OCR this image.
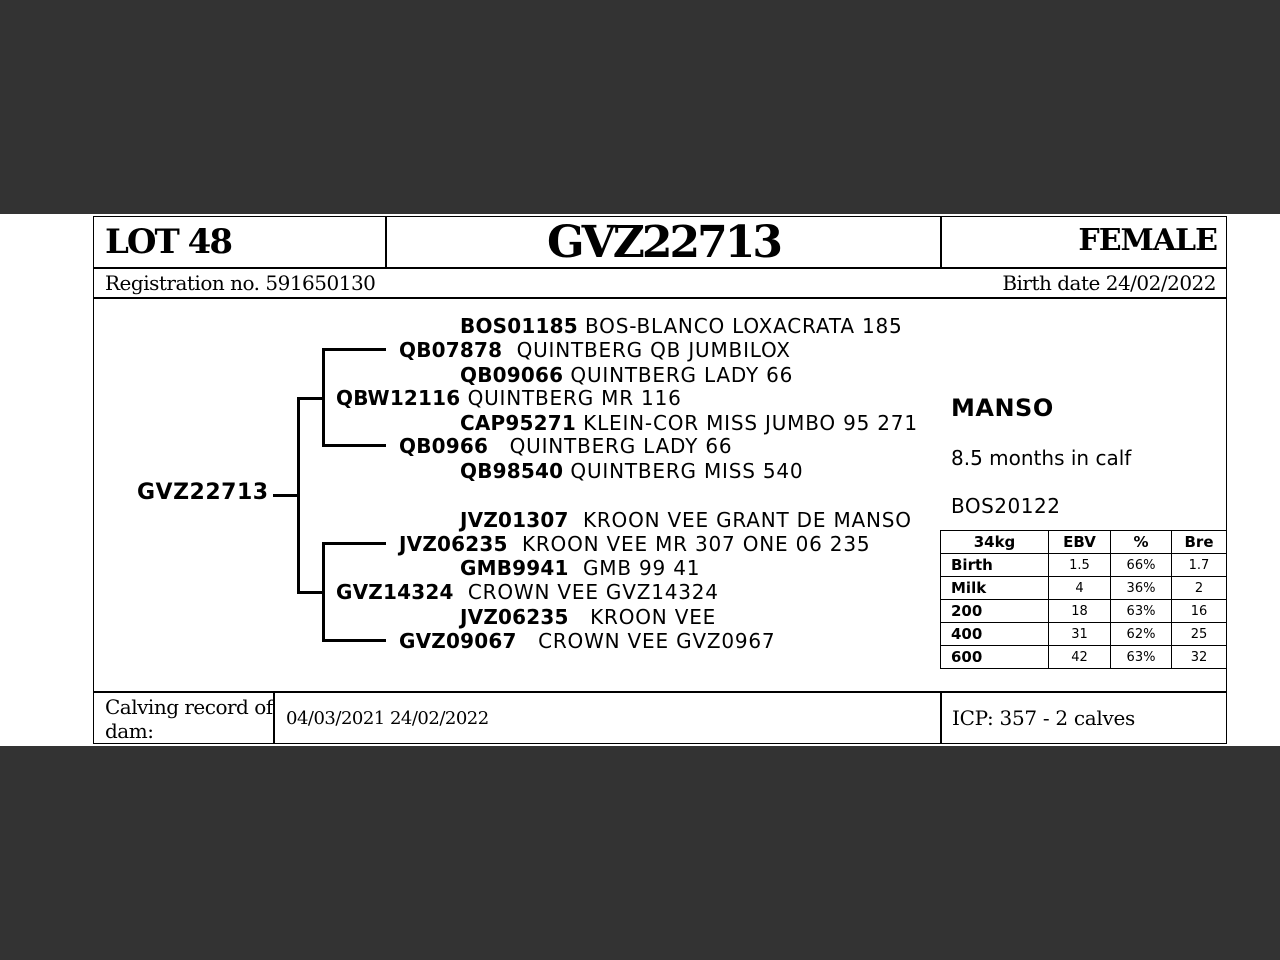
LOT 48	GVZ22713	FEMALE
Registration no. 591650130	Birth date 24/02/2022
GVZ22713
BOS01185 BOS-BLANCO LOXACRATA 185
QB07878 QUINTBERG QB JUMBILOX
QB09066 QUINTBERG LADY 66
QBW12116 QUINTBERG MR 116
CAP95271 KLEIN-COR MISS JUMBO 95 271
QB0966 QUINTBERG LADY 66
QB98540 QUINTBERG MISS 540
JVZ01307 KROON VEE GRANT DE MANSO
JVZ06235 KROON VEE MR 307 ONE 06 235
GMB9941 GMB 99 41
GVZ14324 CROWN VEE GVZ14324
JVZ06235 KROON VEE
GVZ09067 CROWN VEE GVZ0967
MANSO
8.5 months in calf
BOS20122
34kg	EBV	%	Bre
Birth	1.5	66%	1.7
Milk	4	36%	2
200	18	63%	16
400	31	62%	25
600	42	63%	32
Calving record of dam:
04/03/2021 24/02/2022	ICP: 357 - 2 calves
